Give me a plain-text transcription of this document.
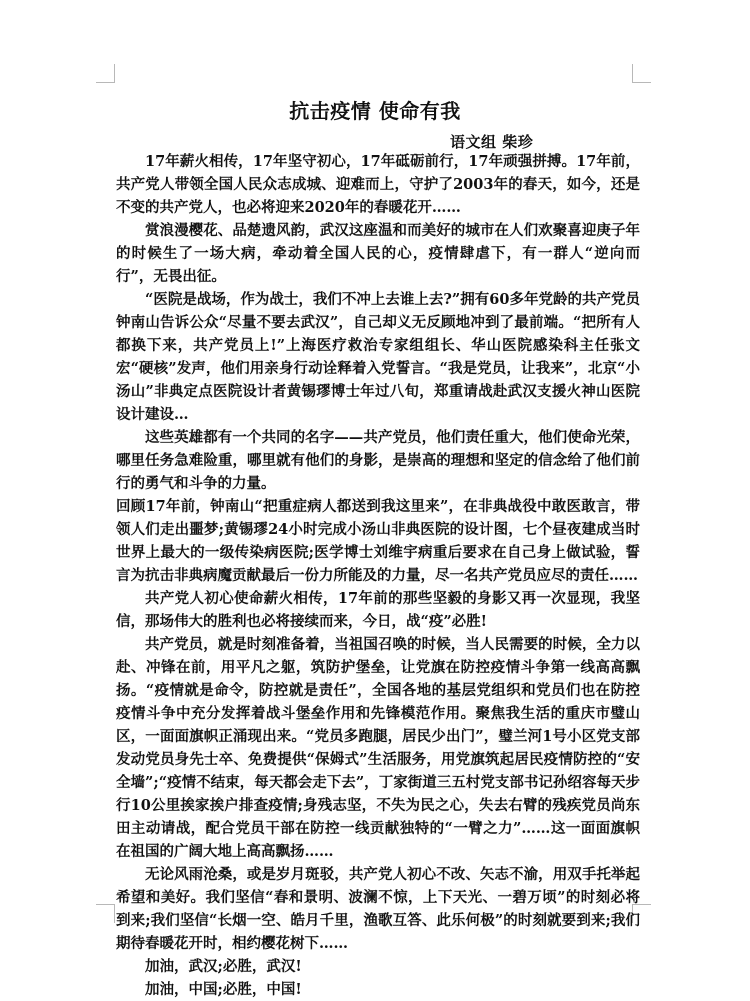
抗击疫情 使命有我
语文组 柴珍

17年薪火相传，17年坚守初心，17年砥砺前行，17年顽强拼搏。17年前，共产党人带领全国人民众志成城、迎难而上，守护了2003年的春天，如今，还是不变的共产党人，也必将迎来2020年的春暖花开……

赏浪漫樱花、品楚遗风韵，武汉这座温和而美好的城市在人们欢聚喜迎庚子年的时候生了一场大病，牵动着全国人民的心，疫情肆虐下，有一群人“逆向而行”，无畏出征。

“医院是战场，作为战士，我们不冲上去谁上去?”拥有60多年党龄的共产党员钟南山告诉公众“尽量不要去武汉”，自己却义无反顾地冲到了最前端。“把所有人都换下来，共产党员上!”上海医疗救治专家组组长、华山医院感染科主任张文宏“硬核”发声，他们用亲身行动诠释着入党誓言。“我是党员，让我来”，北京“小汤山”非典定点医院设计者黄锡璆博士年过八旬，郑重请战赴武汉支援火神山医院设计建设…

这些英雄都有一个共同的名字——共产党员，他们责任重大，他们使命光荣，哪里任务急难险重，哪里就有他们的身影，是崇高的理想和坚定的信念给了他们前行的勇气和斗争的力量。

回顾17年前，钟南山“把重症病人都送到我这里来”，在非典战役中敢医敢言，带领人们走出噩梦;黄锡璆24小时完成小汤山非典医院的设计图，七个昼夜建成当时世界上最大的一级传染病医院;医学博士刘维宇病重后要求在自己身上做试验，誓言为抗击非典病魔贡献最后一份力所能及的力量，尽一名共产党员应尽的责任……

共产党人初心使命薪火相传，17年前的那些坚毅的身影又再一次显现，我坚信，那场伟大的胜利也必将接续而来，今日，战“疫”必胜!

共产党员，就是时刻准备着，当祖国召唤的时候，当人民需要的时候，全力以赴、冲锋在前，用平凡之躯，筑防护堡垒，让党旗在防控疫情斗争第一线高高飘扬。“疫情就是命令，防控就是责任”，全国各地的基层党组织和党员们也在防控疫情斗争中充分发挥着战斗堡垒作用和先锋模范作用。聚焦我生活的重庆市璧山区，一面面旗帜正涌现出来。“党员多跑腿，居民少出门”，璧兰河1号小区党支部发动党员身先士卒、免费提供“保姆式”生活服务，用党旗筑起居民疫情防控的“安全墙”;“疫情不结束，每天都会走下去”，丁家街道三五村党支部书记孙绍容每天步行10公里挨家挨户排查疫情;身残志坚，不失为民之心，失去右臂的残疾党员尚东田主动请战，配合党员干部在防控一线贡献独特的“一臂之力”……这一面面旗帜在祖国的广阔大地上高高飘扬……

无论风雨沧桑，或是岁月斑驳，共产党人初心不改、矢志不渝，用双手托举起希望和美好。我们坚信“春和景明、波澜不惊，上下天光、一碧万顷”的时刻必将到来;我们坚信“长烟一空、皓月千里，渔歌互答、此乐何极”的时刻就要到来;我们期待春暖花开时，相约樱花树下……

加油，武汉;必胜，武汉!

加油，中国;必胜，中国!
